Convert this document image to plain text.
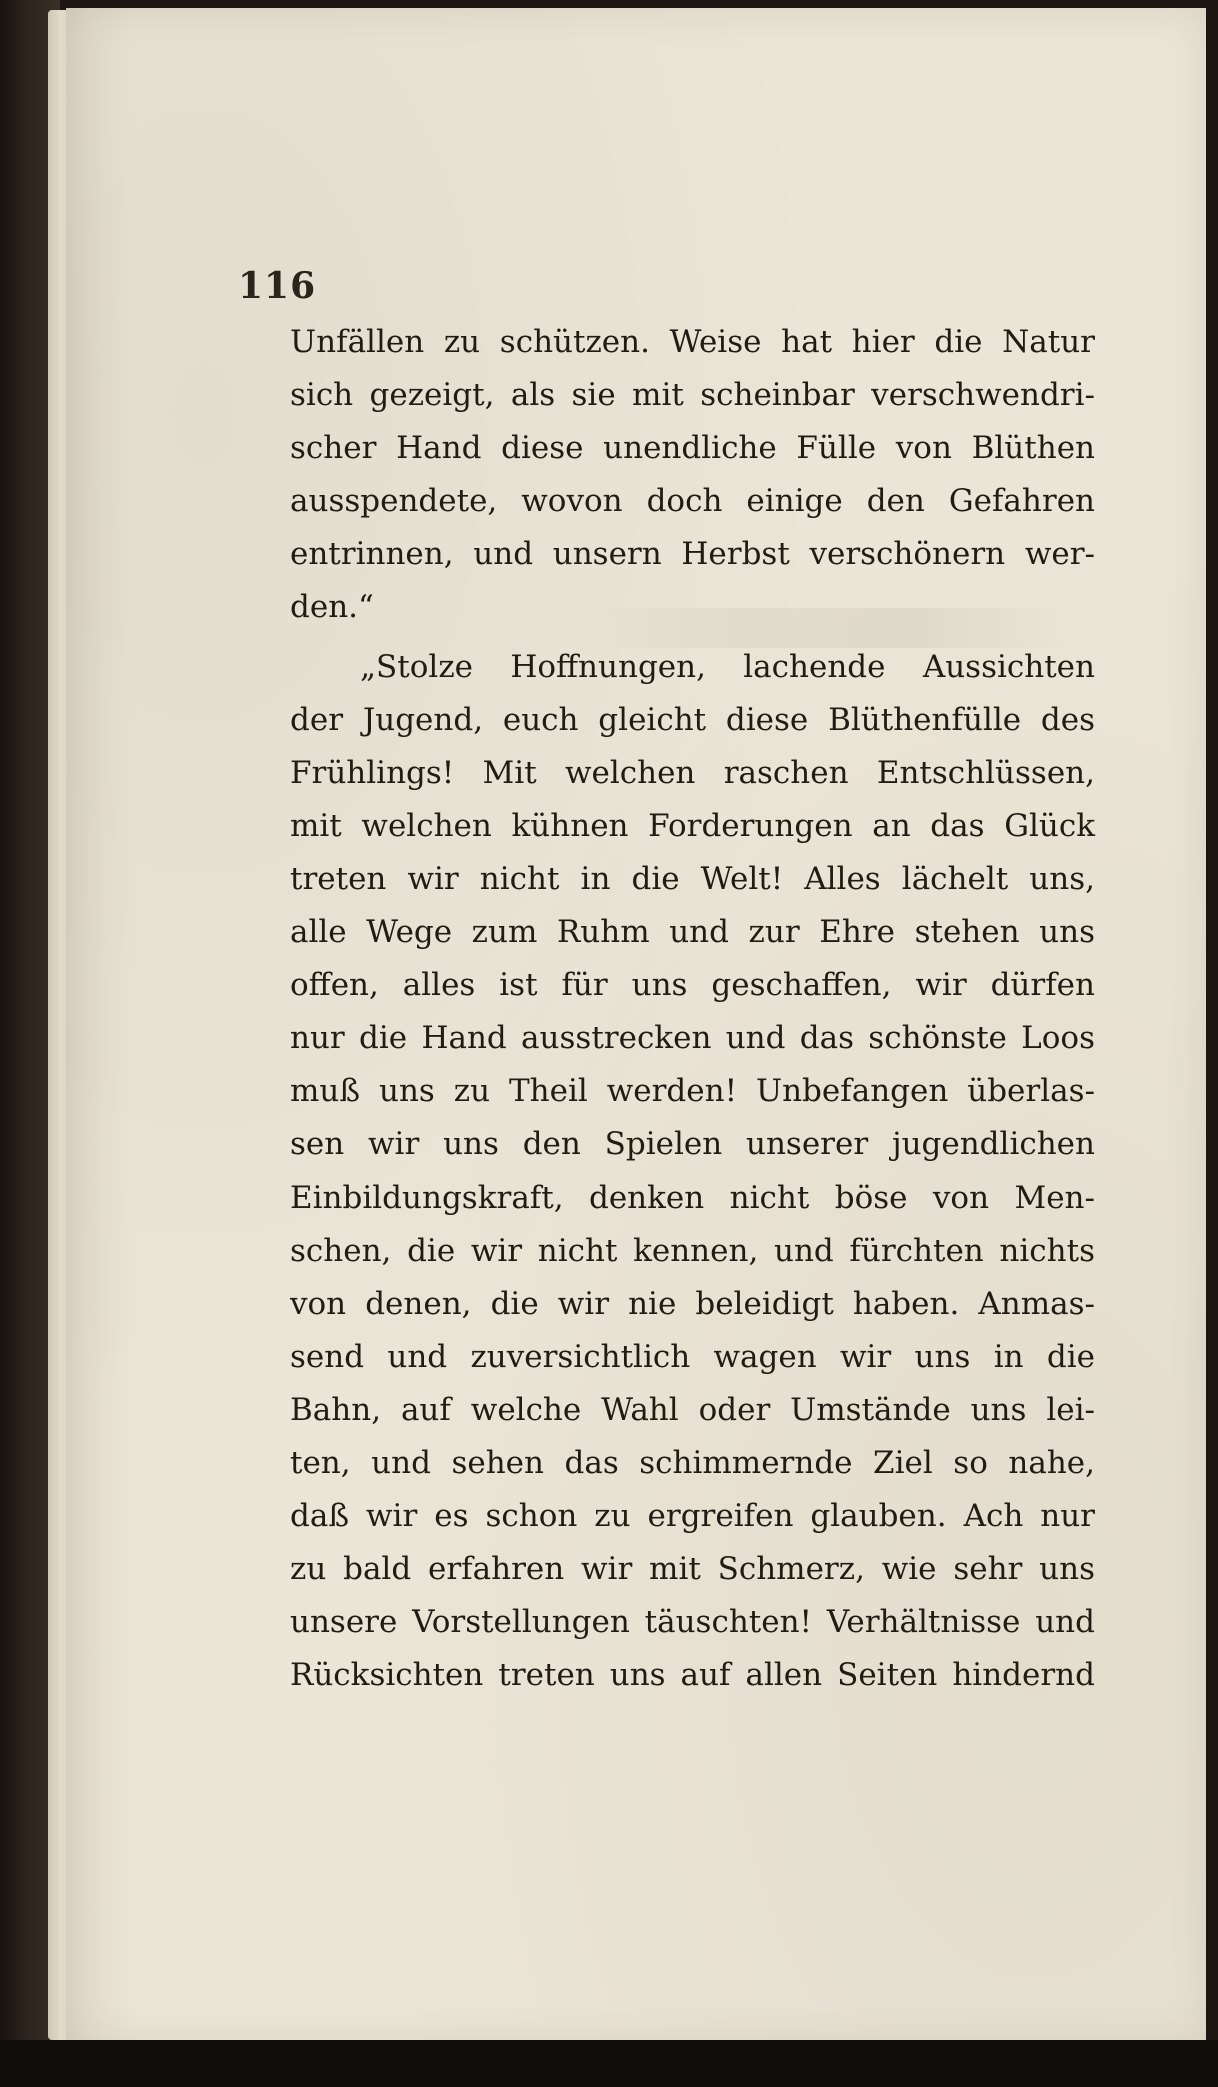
116

Unfällen zu schützen. Weise hat hier die Natur
sich gezeigt, als sie mit scheinbar verschwendri-
scher Hand diese unendliche Fülle von Blüthen
ausspendete, wovon doch einige den Gefahren
entrinnen, und unsern Herbst verschönern wer-
den.“
„Stolze Hoffnungen, lachende Aussichten
der Jugend, euch gleicht diese Blüthenfülle des
Frühlings! Mit welchen raschen Entschlüssen,
mit welchen kühnen Forderungen an das Glück
treten wir nicht in die Welt! Alles lächelt uns,
alle Wege zum Ruhm und zur Ehre stehen uns
offen, alles ist für uns geschaffen, wir dürfen
nur die Hand ausstrecken und das schönste Loos
muß uns zu Theil werden! Unbefangen überlas-
sen wir uns den Spielen unserer jugendlichen
Einbildungskraft, denken nicht böse von Men-
schen, die wir nicht kennen, und fürchten nichts
von denen, die wir nie beleidigt haben. Anmas-
send und zuversichtlich wagen wir uns in die
Bahn, auf welche Wahl oder Umstände uns lei-
ten, und sehen das schimmernde Ziel so nahe,
daß wir es schon zu ergreifen glauben. Ach nur
zu bald erfahren wir mit Schmerz, wie sehr uns
unsere Vorstellungen täuschten! Verhältnisse und
Rücksichten treten uns auf allen Seiten hindernd
